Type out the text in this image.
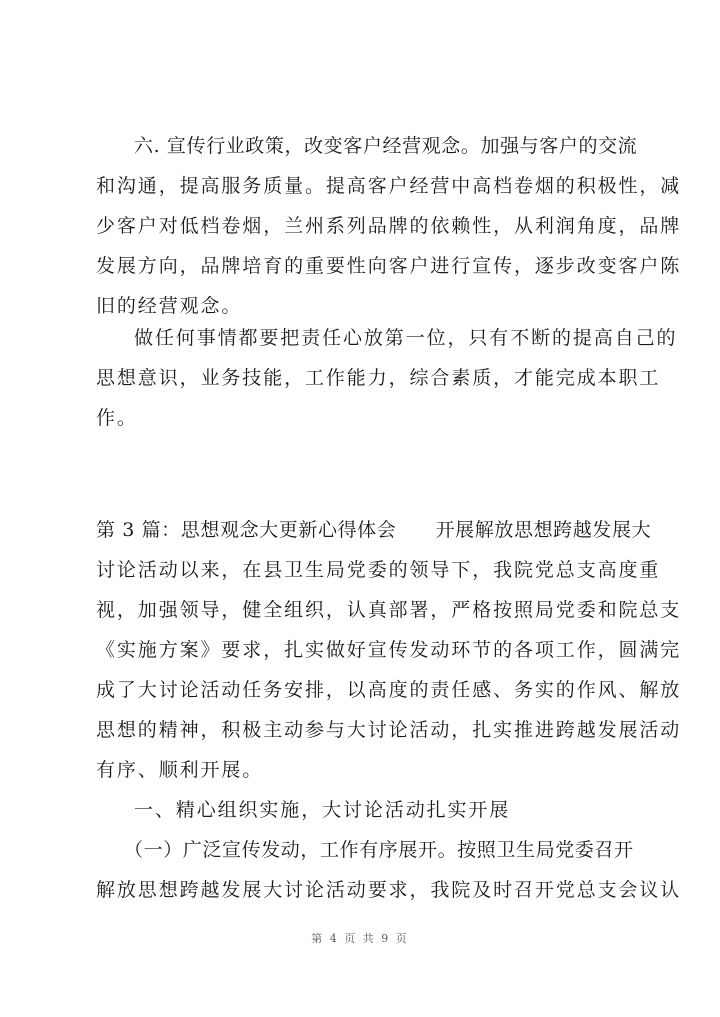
六. 宣传行业政策，改变客户经营观念。加强与客户的交流
和沟通，提高服务质量。提高客户经营中高档卷烟的积极性，减
少客户对低档卷烟，兰州系列品牌的依赖性，从利润角度，品牌
发展方向，品牌培育的重要性向客户进行宣传，逐步改变客户陈
旧的经营观念。
做任何事情都要把责任心放第一位，只有不断的提高自己的
思想意识，业务技能，工作能力，综合素质，才能完成本职工
作。
第 3 篇：思想观念大更新心得体会　　开展解放思想跨越发展大
讨论活动以来，在县卫生局党委的领导下，我院党总支高度重
视，加强领导，健全组织，认真部署，严格按照局党委和院总支
《实施方案》要求，扎实做好宣传发动环节的各项工作，圆满完
成了大讨论活动任务安排，以高度的责任感、务实的作风、解放
思想的精神，积极主动参与大讨论活动，扎实推进跨越发展活动
有序、顺利开展。
一、精心组织实施，大讨论活动扎实开展
（一）广泛宣传发动，工作有序展开。按照卫生局党委召开
解放思想跨越发展大讨论活动要求，我院及时召开党总支会议认
第 4 页 共 9 页
